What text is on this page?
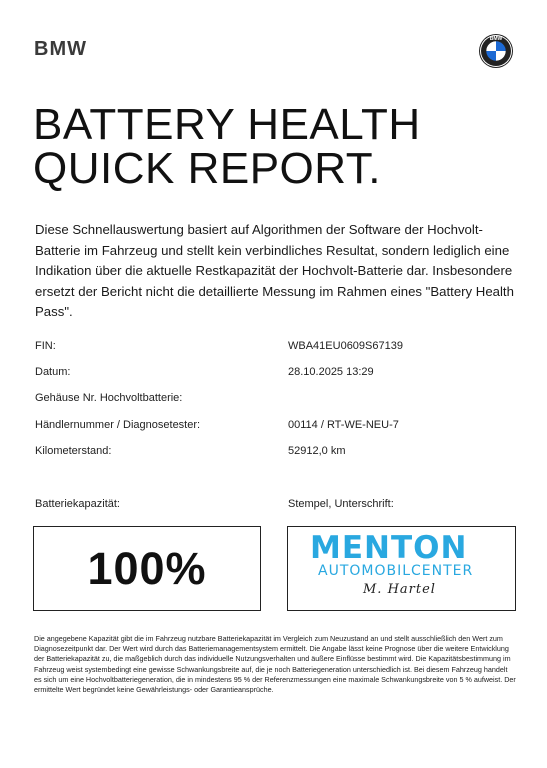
BMW	BMW
BATTERY HEALTH
QUICK REPORT.
Diese Schnellauswertung basiert auf Algorithmen der Software der Hochvolt-Batterie im Fahrzeug und stellt kein verbindliches Resultat, sondern lediglich eine Indikation über die aktuelle Restkapazität der Hochvolt-Batterie dar. Insbesondere ersetzt der Bericht nicht die detaillierte Messung im Rahmen eines "Battery Health Pass".
FIN:	WBA41EU0609S67139
Datum:	28.10.2025 13:29
Gehäuse Nr. Hochvoltbatterie:
Händlernummer / Diagnosetester:	00114 / RT-WE-NEU-7
Kilometerstand:	52912,0 km
Batteriekapazität:	Stempel, Unterschrift:
100%	MENTON
AUTOMOBILCENTER
M. Hartel
Die angegebene Kapazität gibt die im Fahrzeug nutzbare Batteriekapazität im Vergleich zum Neuzustand an und stellt ausschließlich den Wert zum Diagnosezeitpunkt dar. Der Wert wird durch das Batteriemanagementsystem ermittelt. Die Angabe lässt keine Prognose über die weitere Entwicklung der Batteriekapazität zu, die maßgeblich durch das individuelle Nutzungsverhalten und äußere Einflüsse bestimmt wird. Die Kapazitätsbestimmung im Fahrzeug weist systembedingt eine gewisse Schwankungsbreite auf, die je noch Batteriegeneration unterschiedlich ist. Bei diesem Fahrzeug handelt es sich um eine Hochvoltbatteriegeneration, die in mindestens 95 % der Referenzmessungen eine maximale Schwankungsbreite von 5 % aufweist. Der ermittelte Wert begründet keine Gewährleistungs- oder Garantieansprüche.
